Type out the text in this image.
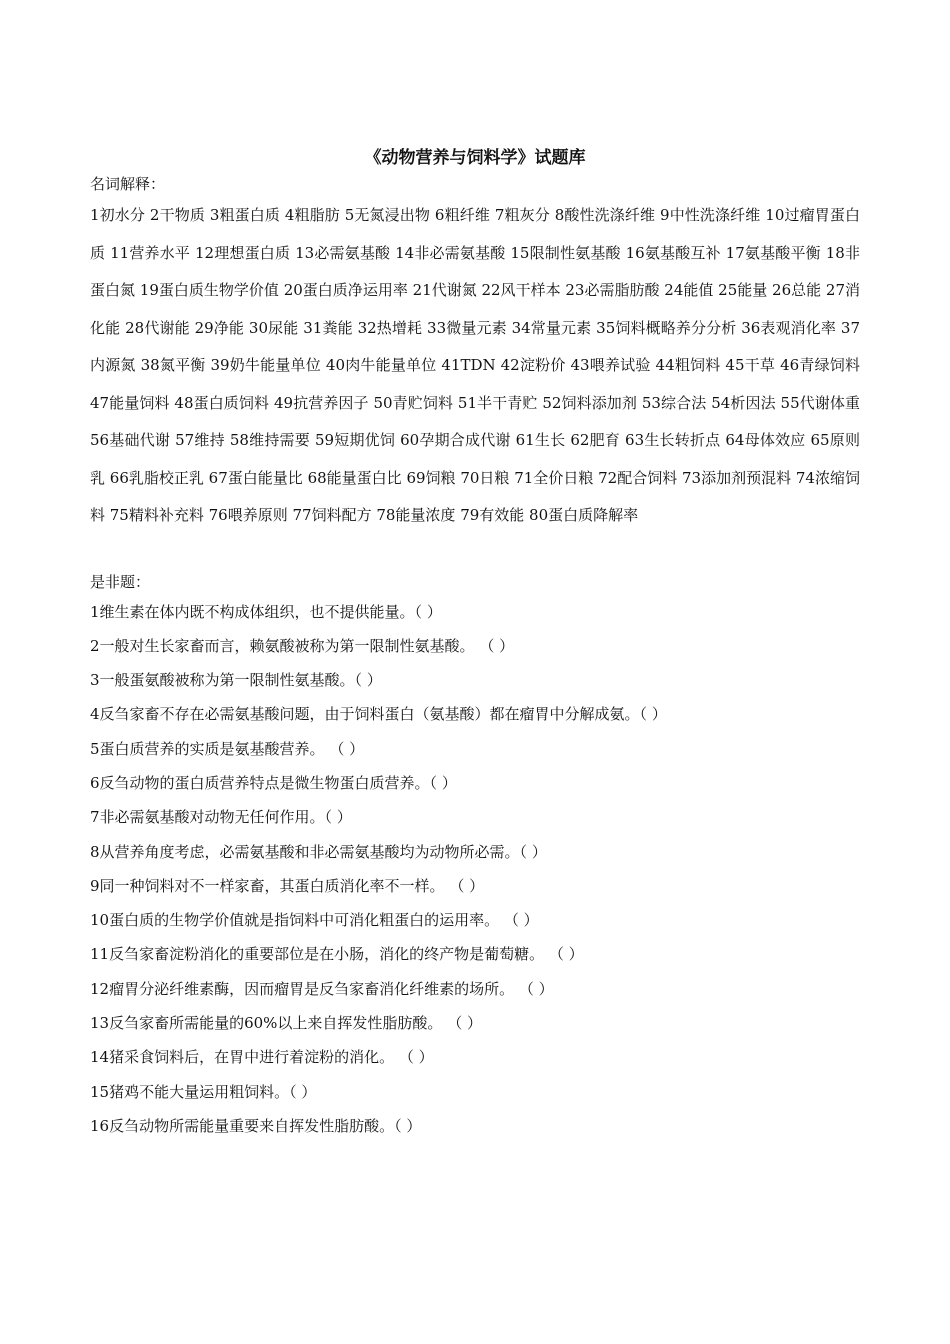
《动物营养与饲料学》试题库

名词解释：

1初水分 2干物质 3粗蛋白质 4粗脂肪 5无氮浸出物 6粗纤维 7粗灰分 8酸性洗涤纤维 9中性洗涤纤维 10过瘤胃蛋白质 11营养水平 12理想蛋白质 13必需氨基酸 14非必需氨基酸 15限制性氨基酸 16氨基酸互补 17氨基酸平衡 18非蛋白氮 19蛋白质生物学价值 20蛋白质净运用率 21代谢氮 22风干样本 23必需脂肪酸 24能值 25能量 26总能 27消化能 28代谢能 29净能 30尿能 31粪能 32热增耗 33微量元素 34常量元素 35饲料概略养分分析 36表观消化率 37内源氮 38氮平衡 39奶牛能量单位 40肉牛能量单位 41TDN 42淀粉价 43喂养试验 44粗饲料 45干草 46青绿饲料 47能量饲料 48蛋白质饲料 49抗营养因子 50青贮饲料 51半干青贮 52饲料添加剂 53综合法 54析因法 55代谢体重 56基础代谢 57维持 58维持需要 59短期优饲 60孕期合成代谢 61生长 62肥育 63生长转折点 64母体效应 65原则乳 66乳脂校正乳 67蛋白能量比 68能量蛋白比 69饲粮 70日粮 71全价日粮 72配合饲料 73添加剂预混料 74浓缩饲料 75精料补充料 76喂养原则 77饲料配方 78能量浓度 79有效能 80蛋白质降解率

是非题：

1维生素在体内既不构成体组织，也不提供能量。（ ）

2一般对生长家畜而言，赖氨酸被称为第一限制性氨基酸。 （ ）

3一般蛋氨酸被称为第一限制性氨基酸。（ ）

4反刍家畜不存在必需氨基酸问题，由于饲料蛋白（氨基酸）都在瘤胃中分解成氨。（ ）

5蛋白质营养的实质是氨基酸营养。 （ ）

6反刍动物的蛋白质营养特点是微生物蛋白质营养。（ ）

7非必需氨基酸对动物无任何作用。（ ）

8从营养角度考虑，必需氨基酸和非必需氨基酸均为动物所必需。（ ）

9同一种饲料对不一样家畜，其蛋白质消化率不一样。 （ ）

10蛋白质的生物学价值就是指饲料中可消化粗蛋白的运用率。 （ ）

11反刍家畜淀粉消化的重要部位是在小肠，消化的终产物是葡萄糖。 （ ）

12瘤胃分泌纤维素酶，因而瘤胃是反刍家畜消化纤维素的场所。 （ ）

13反刍家畜所需能量的60%以上来自挥发性脂肪酸。 （ ）

14猪采食饲料后，在胃中进行着淀粉的消化。 （ ）

15猪鸡不能大量运用粗饲料。（ ）

16反刍动物所需能量重要来自挥发性脂肪酸。（ ）
